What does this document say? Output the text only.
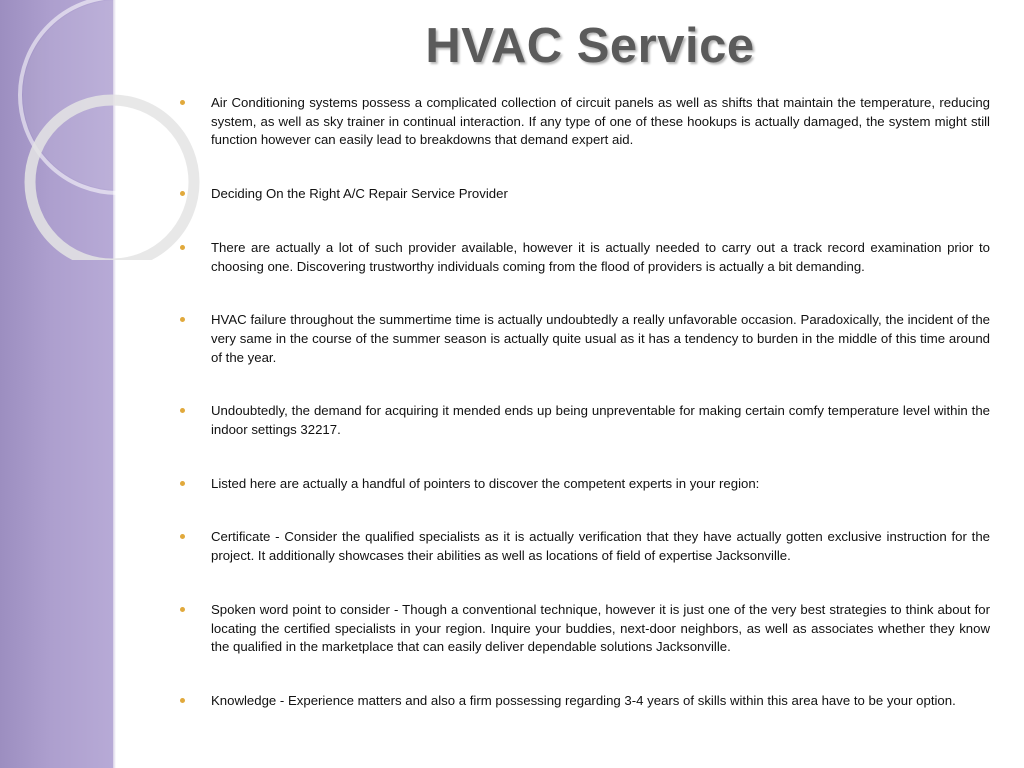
HVAC Service
Air Conditioning systems possess a complicated collection of circuit panels as well as shifts that maintain the temperature, reducing system, as well as sky trainer in continual interaction. If any type of one of these hookups is actually damaged, the system might still function however can easily lead to breakdowns that demand expert aid.
Deciding On the Right A/C Repair Service Provider
There are actually a lot of such provider available, however it is actually needed to carry out a track record examination prior to choosing one. Discovering trustworthy individuals coming from the flood of providers is actually a bit demanding.
HVAC failure throughout the summertime time is actually undoubtedly a really unfavorable occasion. Paradoxically, the incident of the very same in the course of the summer season is actually quite usual as it has a tendency to burden in the middle of this time around of the year.
Undoubtedly, the demand for acquiring it mended ends up being unpreventable for making certain comfy temperature level within the indoor settings 32217.
Listed here are actually a handful of pointers to discover the competent experts in your region:
Certificate - Consider the qualified specialists as it is actually verification that they have actually gotten exclusive instruction for the project. It additionally showcases their abilities as well as locations of field of expertise Jacksonville.
Spoken word point to consider - Though a conventional technique, however it is just one of the very best strategies to think about for locating the certified specialists in your region. Inquire your buddies, next-door neighbors, as well as associates whether they know the qualified in the marketplace that can easily deliver dependable solutions Jacksonville.
Knowledge - Experience matters and also a firm possessing regarding 3-4 years of skills within this area have to be your option.
